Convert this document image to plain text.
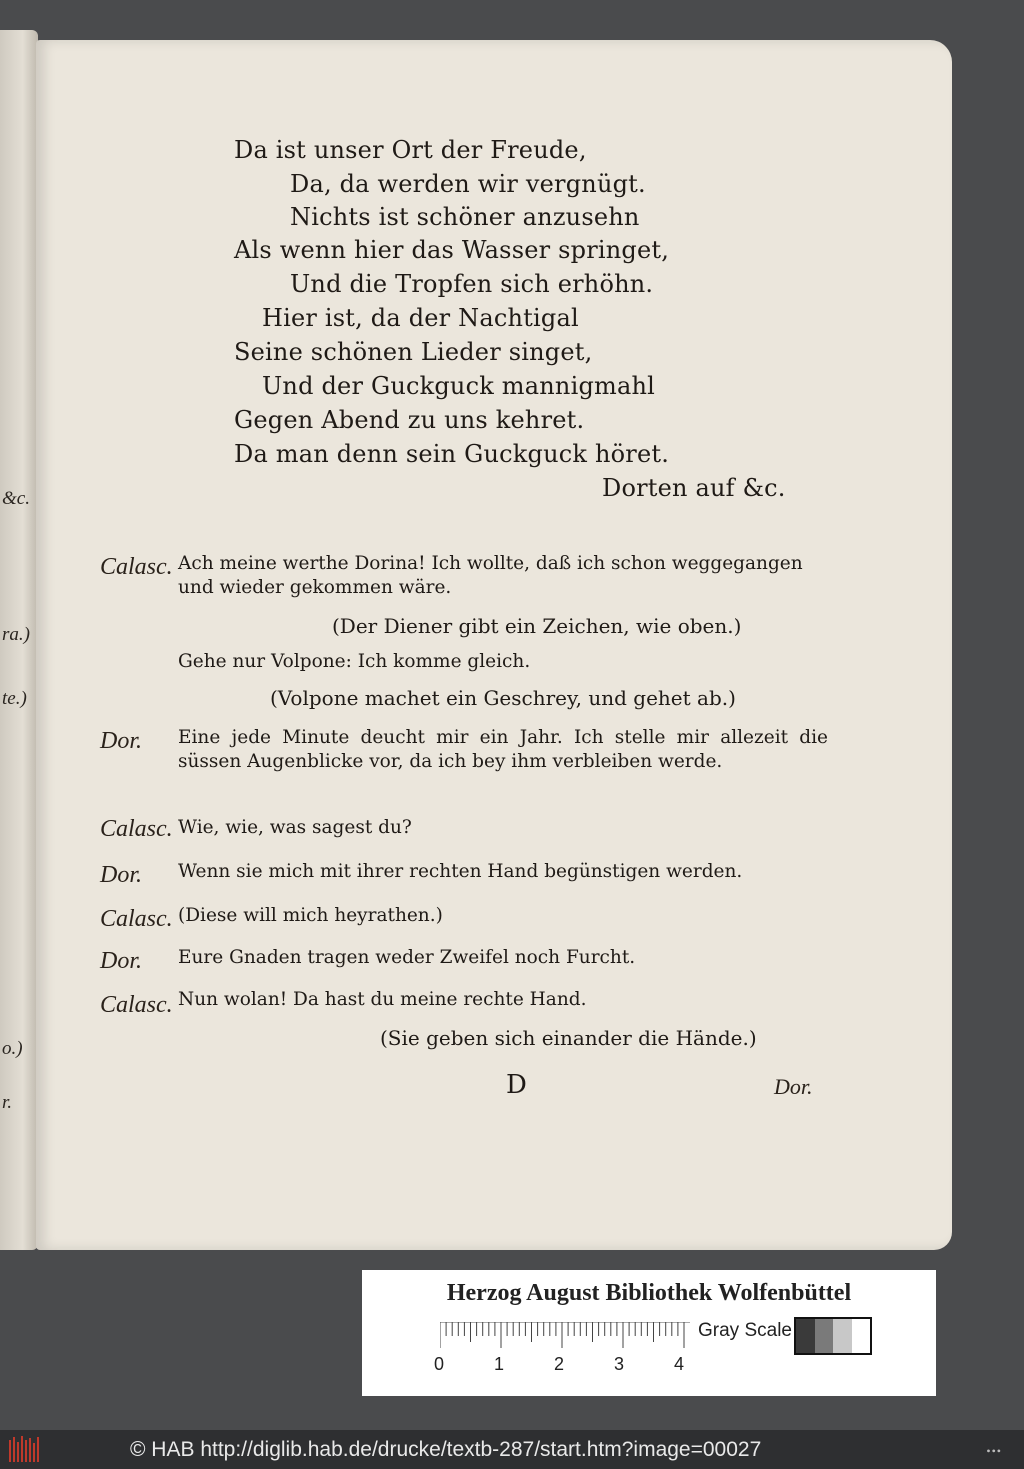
&c.
ra.)
te.)
o.)
r.
Da ist unser Ort der Freude,
Da, da werden wir vergnügt.
Nichts ist schöner anzusehn
Als wenn hier das Wasser springet,
Und die Tropfen sich erhöhn.
Hier ist, da der Nachtigal
Seine schönen Lieder singet,
Und der Guckguck mannigmahl
Gegen Abend zu uns kehret.
Da man denn sein Guckguck höret.
Dorten auf &c.
Calasc. Ach meine werthe Dorina! Ich wollte, daß ich schon weggegangen und wieder gekommen wäre.
(Der Diener gibt ein Zeichen, wie oben.)
Gehe nur Volpone: Ich komme gleich.
(Volpone machet ein Geschrey, und gehet ab.)
Dor. Eine jede Minute deucht mir ein Jahr. Ich stelle mir allezeit die süssen Augenblicke vor, da ich bey ihm verbleiben werde.
Calasc. Wie, wie, was sagest du?
Dor. Wenn sie mich mit ihrer rechten Hand begünstigen werden.
Calasc. (Diese will mich heyrathen.)
Dor. Eure Gnaden tragen weder Zweifel noch Furcht.
Calasc. Nun wolan! Da hast du meine rechte Hand.
(Sie geben sich einander die Hände.)
D	Dor.
Herzog August Bibliothek Wolfenbüttel
0	1	2	3	4
Gray Scale
© HAB http://diglib.hab.de/drucke/textb-287/start.htm?image=00027	•••
